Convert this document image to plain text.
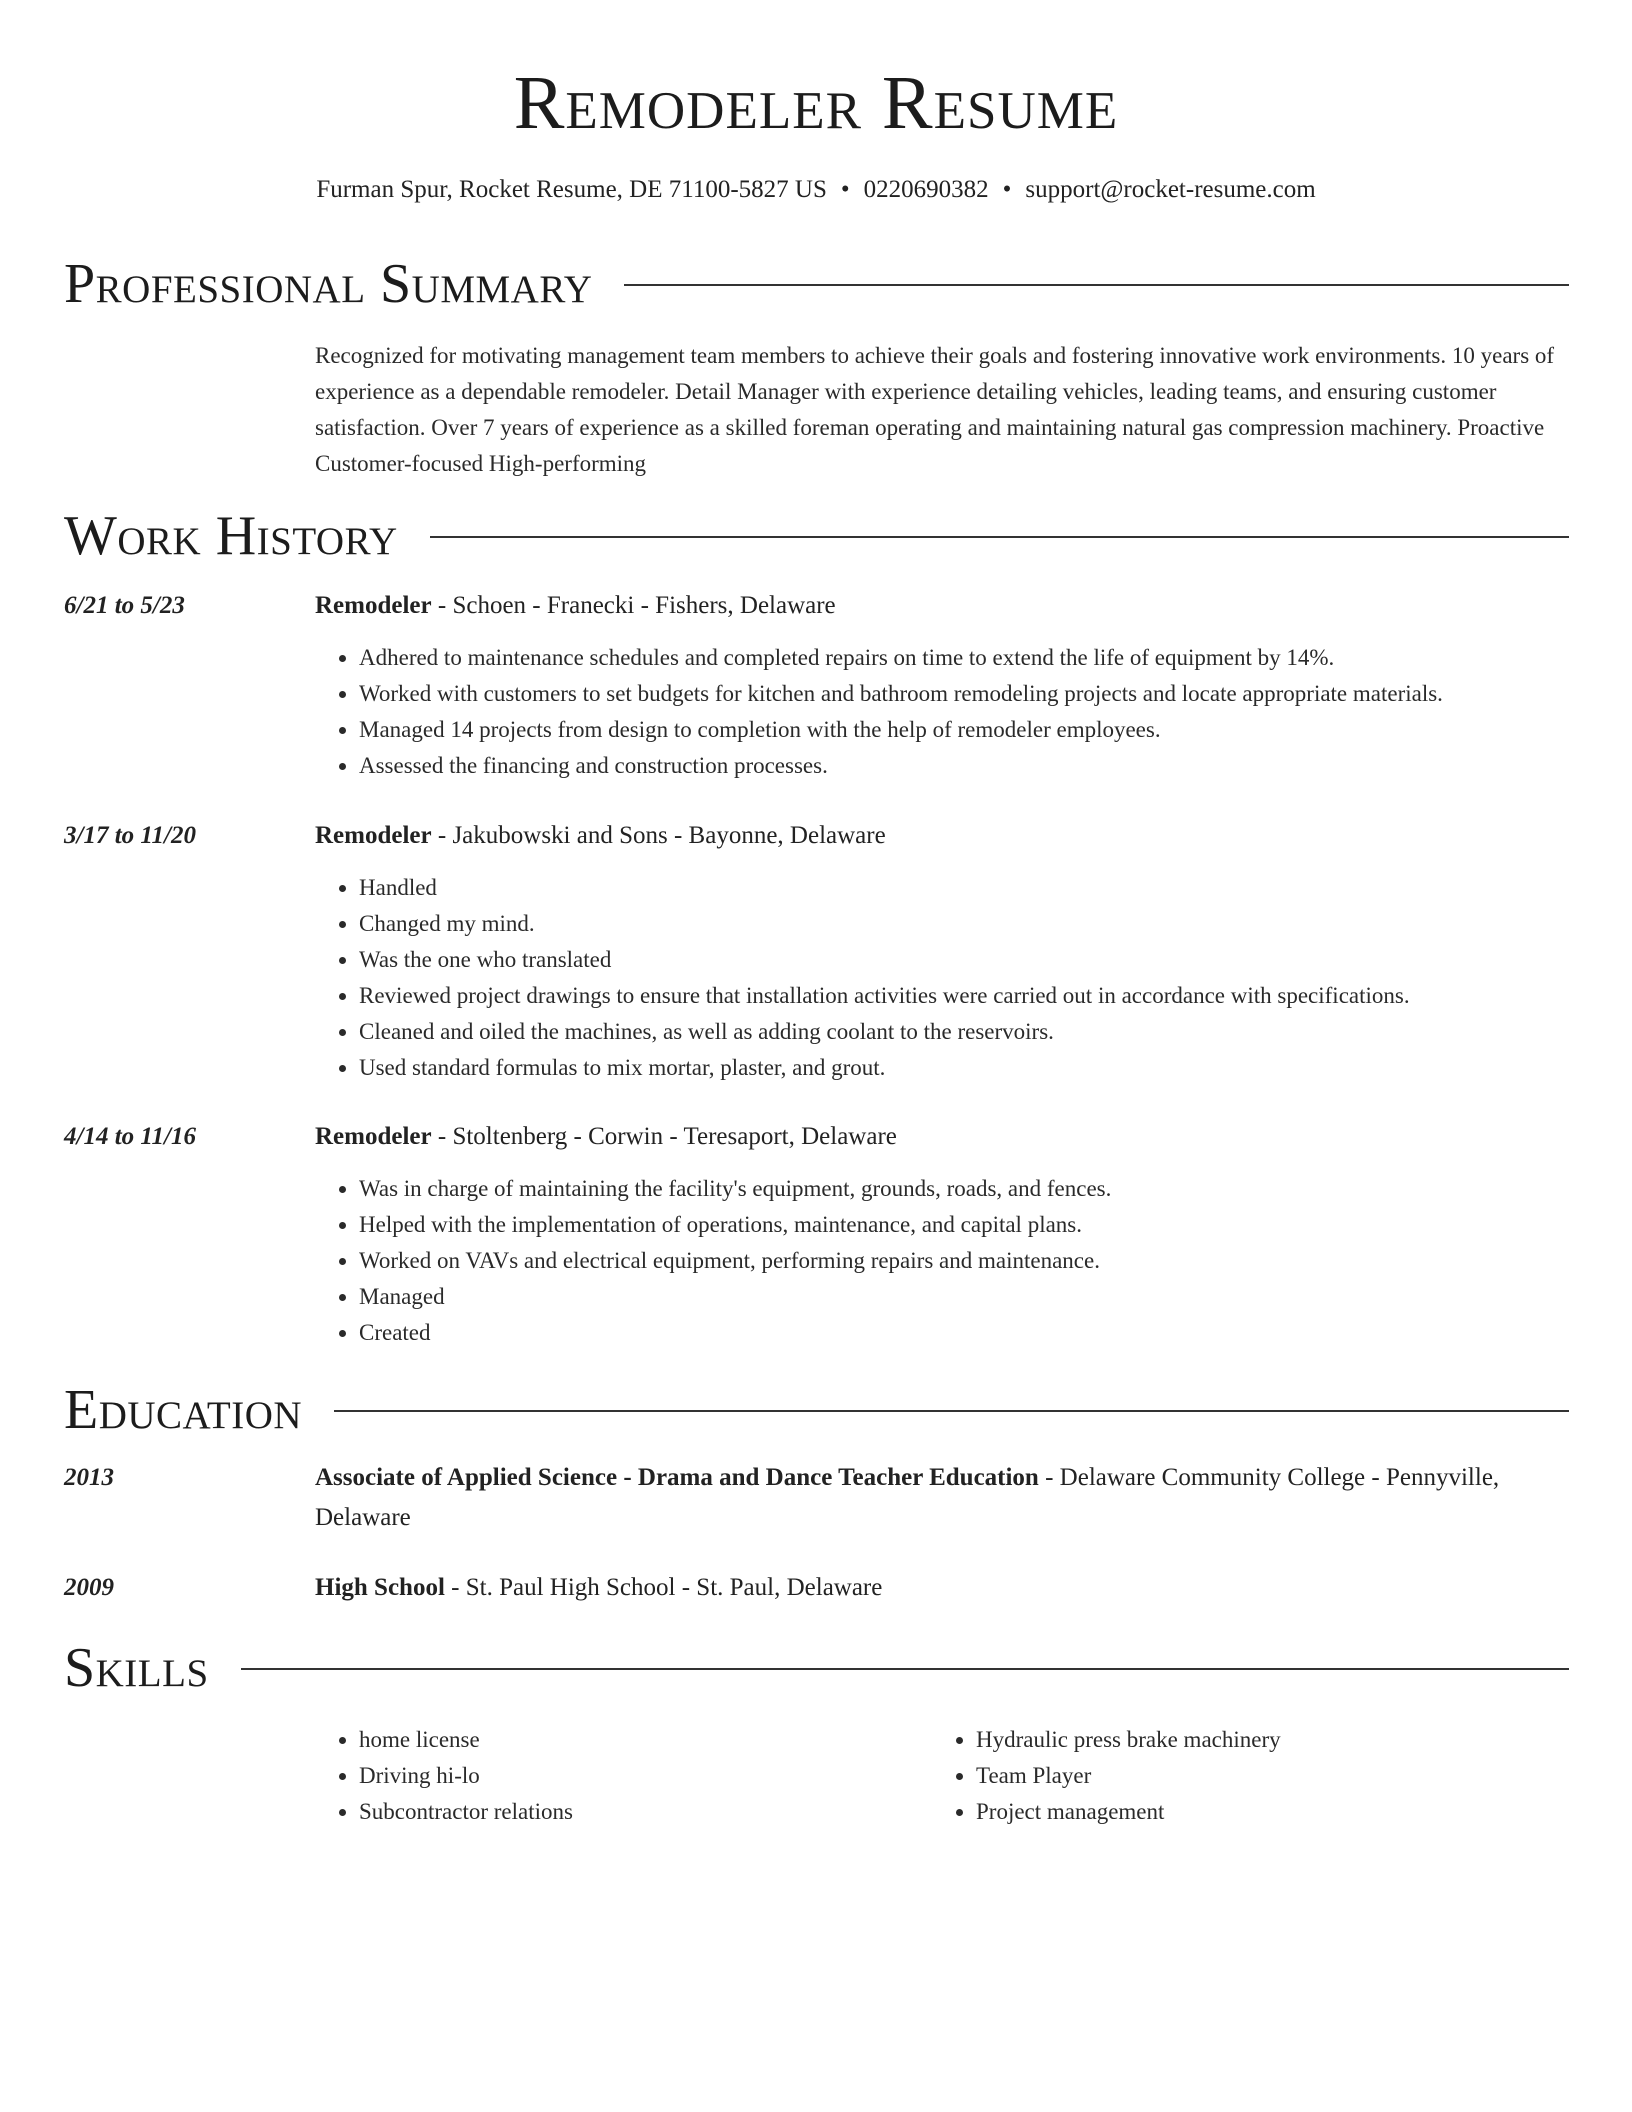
Remodeler Resume
Furman Spur, Rocket Resume, DE 71100-5827 US • 0220690382 • support@rocket-resume.com
Professional Summary
Recognized for motivating management team members to achieve their goals and fostering innovative work environments. 10 years of experience as a dependable remodeler. Detail Manager with experience detailing vehicles, leading teams, and ensuring customer satisfaction. Over 7 years of experience as a skilled foreman operating and maintaining natural gas compression machinery. Proactive Customer-focused High-performing
Work History
6/21 to 5/23	Remodeler - Schoen - Franecki - Fishers, Delaware
• Adhered to maintenance schedules and completed repairs on time to extend the life of equipment by 14%.
• Worked with customers to set budgets for kitchen and bathroom remodeling projects and locate appropriate materials.
• Managed 14 projects from design to completion with the help of remodeler employees.
• Assessed the financing and construction processes.
3/17 to 11/20	Remodeler - Jakubowski and Sons - Bayonne, Delaware
• Handled
• Changed my mind.
• Was the one who translated
• Reviewed project drawings to ensure that installation activities were carried out in accordance with specifications.
• Cleaned and oiled the machines, as well as adding coolant to the reservoirs.
• Used standard formulas to mix mortar, plaster, and grout.
4/14 to 11/16	Remodeler - Stoltenberg - Corwin - Teresaport, Delaware
• Was in charge of maintaining the facility's equipment, grounds, roads, and fences.
• Helped with the implementation of operations, maintenance, and capital plans.
• Worked on VAVs and electrical equipment, performing repairs and maintenance.
• Managed
• Created
Education
2013	Associate of Applied Science - Drama and Dance Teacher Education - Delaware Community College - Pennyville, Delaware
2009	High School - St. Paul High School - St. Paul, Delaware
Skills
• home license
• Driving hi-lo
• Subcontractor relations
• Hydraulic press brake machinery
• Team Player
• Project management
